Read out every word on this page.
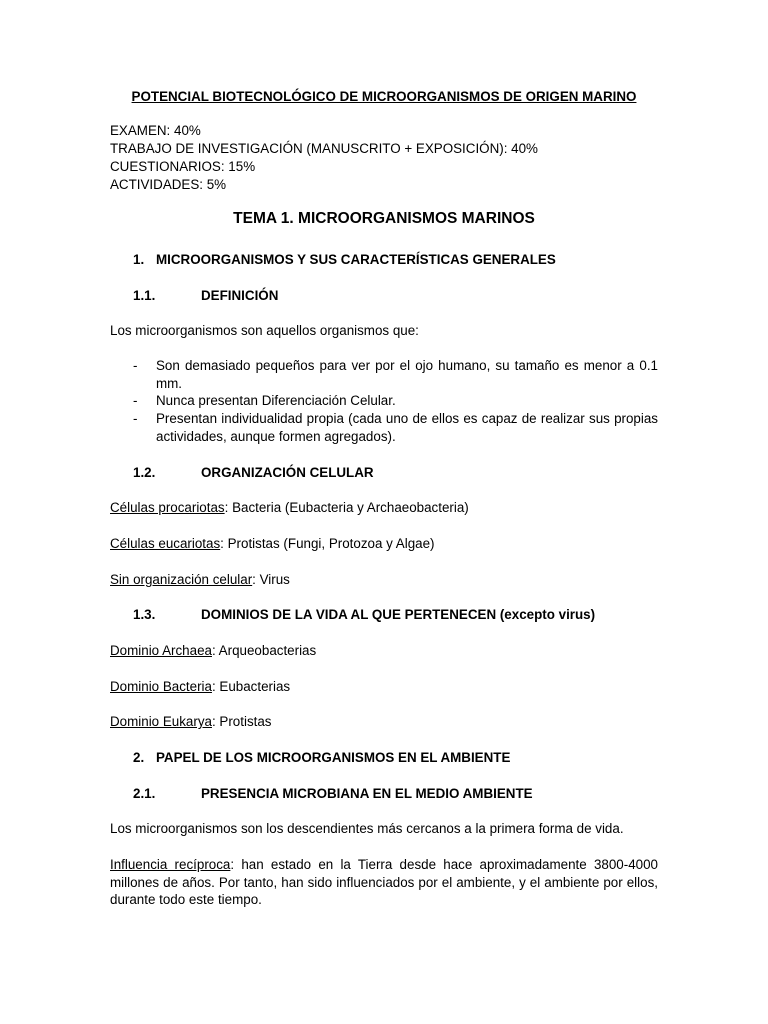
POTENCIAL BIOTECNOLÓGICO DE MICROORGANISMOS DE ORIGEN MARINO
EXAMEN: 40%
TRABAJO DE INVESTIGACIÓN (MANUSCRITO + EXPOSICIÓN): 40%
CUESTIONARIOS: 15%
ACTIVIDADES: 5%
TEMA 1. MICROORGANISMOS MARINOS
1. MICROORGANISMOS Y SUS CARACTERÍSTICAS GENERALES
1.1.	DEFINICIÓN
Los microorganismos son aquellos organismos que:
- Son demasiado pequeños para ver por el ojo humano, su tamaño es menor a 0.1 mm.
- Nunca presentan Diferenciación Celular.
- Presentan individualidad propia (cada uno de ellos es capaz de realizar sus propias actividades, aunque formen agregados).
1.2.	ORGANIZACIÓN CELULAR
Células procariotas: Bacteria (Eubacteria y Archaeobacteria)
Células eucariotas: Protistas (Fungi, Protozoa y Algae)
Sin organización celular: Virus
1.3.	DOMINIOS DE LA VIDA AL QUE PERTENECEN (excepto virus)
Dominio Archaea: Arqueobacterias
Dominio Bacteria: Eubacterias
Dominio Eukarya: Protistas
2. PAPEL DE LOS MICROORGANISMOS EN EL AMBIENTE
2.1.	PRESENCIA MICROBIANA EN EL MEDIO AMBIENTE
Los microorganismos son los descendientes más cercanos a la primera forma de vida.
Influencia recíproca: han estado en la Tierra desde hace aproximadamente 3800-4000 millones de años. Por tanto, han sido influenciados por el ambiente, y el ambiente por ellos, durante todo este tiempo.
